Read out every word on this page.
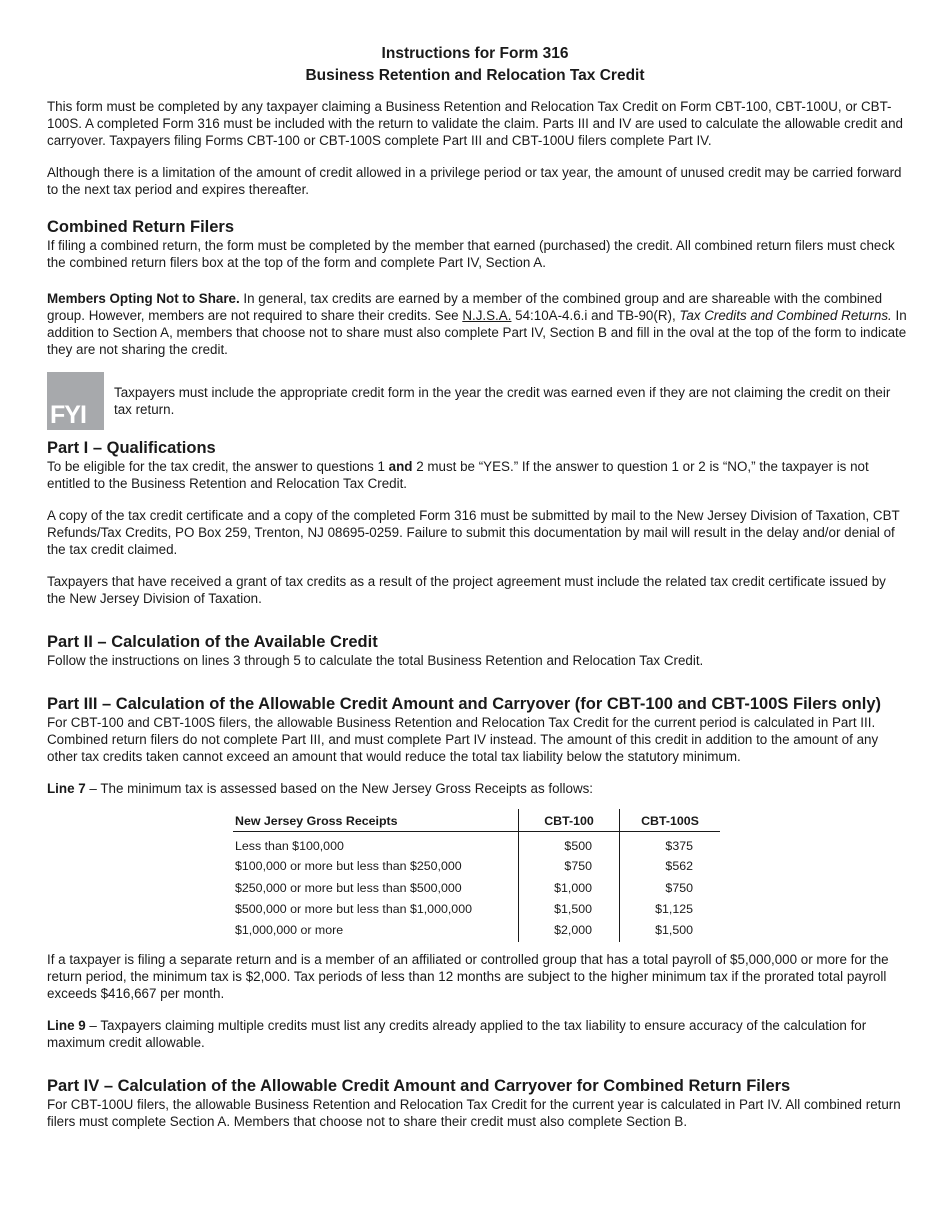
Instructions for Form 316
Business Retention and Relocation Tax Credit

This form must be completed by any taxpayer claiming a Business Retention and Relocation Tax Credit on Form CBT-100, CBT-100U, or CBT-100S. A completed Form 316 must be included with the return to validate the claim. Parts III and IV are used to calculate the allowable credit and carryover. Taxpayers filing Forms CBT-100 or CBT-100S complete Part III and CBT-100U filers complete Part IV.

Although there is a limitation of the amount of credit allowed in a privilege period or tax year, the amount of unused credit may be carried forward to the next tax period and expires thereafter.

Combined Return Filers

If filing a combined return, the form must be completed by the member that earned (purchased) the credit. All combined return filers must check the combined return filers box at the top of the form and complete Part IV, Section A.

Members Opting Not to Share. In general, tax credits are earned by a member of the combined group and are shareable with the combined group. However, members are not required to share their credits. See N.J.S.A. 54:10A-4.6.i and TB-90(R), Tax Credits and Combined Returns. In addition to Section A, members that choose not to share must also complete Part IV, Section B and fill in the oval at the top of the form to indicate they are not sharing the credit.

FYI
Taxpayers must include the appropriate credit form in the year the credit was earned even if they are not claiming the credit on their tax return.

Part I – Qualifications

To be eligible for the tax credit, the answer to questions 1 and 2 must be “YES.” If the answer to question 1 or 2 is “NO,” the taxpayer is not entitled to the Business Retention and Relocation Tax Credit.

A copy of the tax credit certificate and a copy of the completed Form 316 must be submitted by mail to the New Jersey Division of Taxation, CBT Refunds/Tax Credits, PO Box 259, Trenton, NJ 08695-0259. Failure to submit this documentation by mail will result in the delay and/or denial of the tax credit claimed.

Taxpayers that have received a grant of tax credits as a result of the project agreement must include the related tax credit certificate issued by the New Jersey Division of Taxation.

Part II – Calculation of the Available Credit

Follow the instructions on lines 3 through 5 to calculate the total Business Retention and Relocation Tax Credit.

Part III – Calculation of the Allowable Credit Amount and Carryover (for CBT-100 and CBT-100S Filers only)

For CBT-100 and CBT-100S filers, the allowable Business Retention and Relocation Tax Credit for the current period is calculated in Part III. Combined return filers do not complete Part III, and must complete Part IV instead. The amount of this credit in addition to the amount of any other tax credits taken cannot exceed an amount that would reduce the total tax liability below the statutory minimum.

Line 7 – The minimum tax is assessed based on the New Jersey Gross Receipts as follows:

New Jersey Gross Receipts	CBT-100	CBT-100S
Less than $100,000	$500	$375
$100,000 or more but less than $250,000	$750	$562
$250,000 or more but less than $500,000	$1,000	$750
$500,000 or more but less than $1,000,000	$1,500	$1,125
$1,000,000 or more	$2,000	$1,500

If a taxpayer is filing a separate return and is a member of an affiliated or controlled group that has a total payroll of $5,000,000 or more for the return period, the minimum tax is $2,000. Tax periods of less than 12 months are subject to the higher minimum tax if the prorated total payroll exceeds $416,667 per month.

Line 9 – Taxpayers claiming multiple credits must list any credits already applied to the tax liability to ensure accuracy of the calculation for maximum credit allowable.

Part IV – Calculation of the Allowable Credit Amount and Carryover for Combined Return Filers

For CBT-100U filers, the allowable Business Retention and Relocation Tax Credit for the current year is calculated in Part IV. All combined return filers must complete Section A. Members that choose not to share their credit must also complete Section B.
